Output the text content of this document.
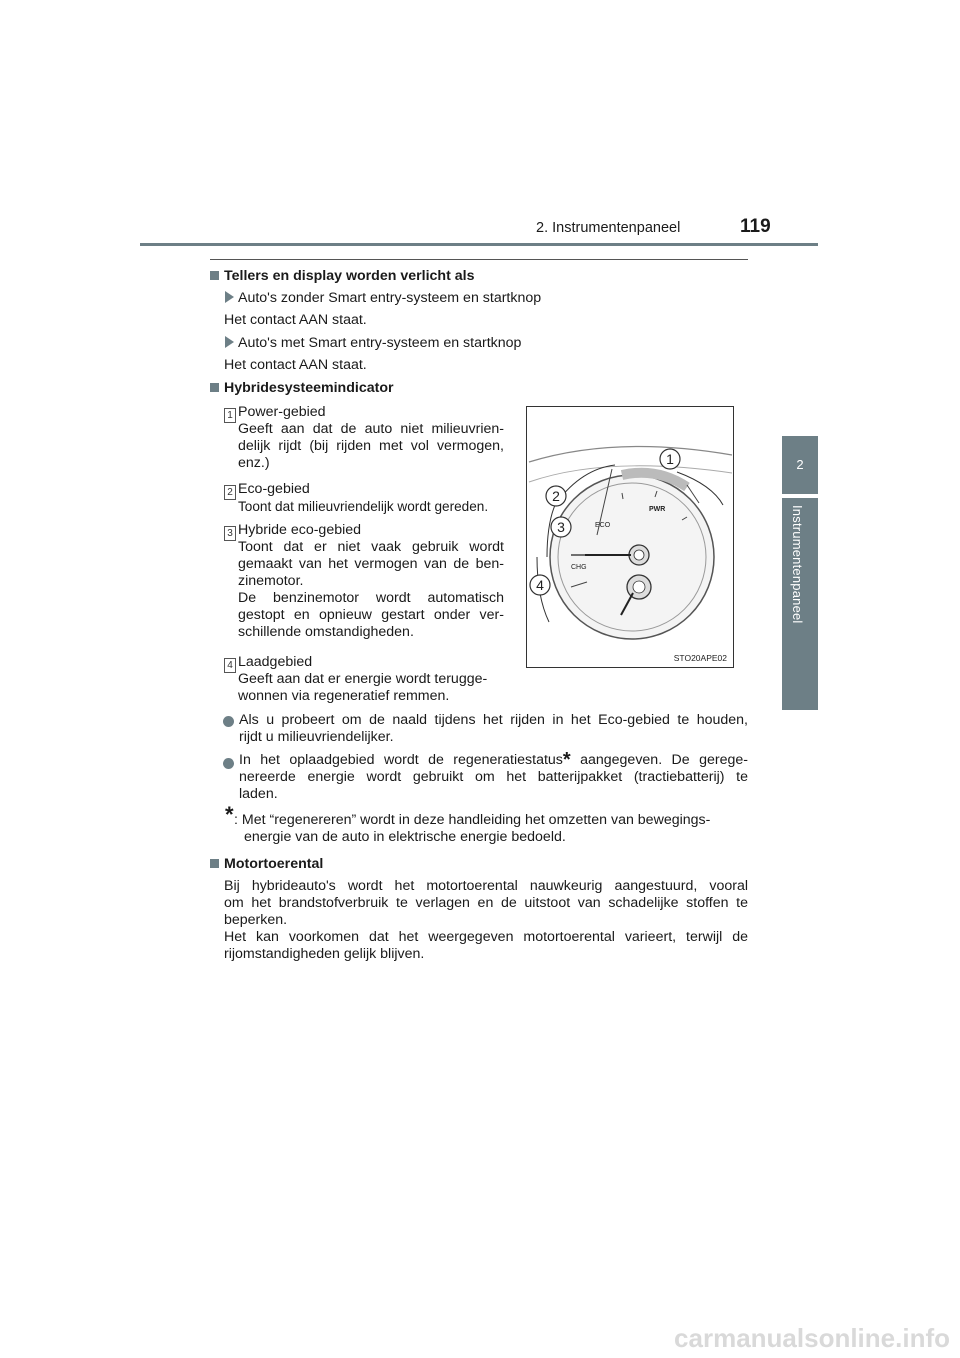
2. Instrumentenpaneel	119
2
Instrumentenpaneel
Tellers en display worden verlicht als
Auto's zonder Smart entry-systeem en startknop
Het contact AAN staat.
Auto's met Smart entry-systeem en startknop
Het contact AAN staat.
Hybridesysteemindicator
1 Power-gebied
Geeft aan dat de auto niet milieuvrien-
delijk rijdt (bij rijden met vol vermogen,
enz.)
2 Eco-gebied
Toont dat milieuvriendelijk wordt gereden.
3 Hybride eco-gebied
Toont dat er niet vaak gebruik wordt
gemaakt van het vermogen van de ben-
zinemotor.
De benzinemotor wordt automatisch
gestopt en opnieuw gestart onder ver-
schillende omstandigheden.
4 Laadgebied
Geeft aan dat er energie wordt terugge-
wonnen via regeneratief remmen.
ECO
PWR
CHG
1
2
3
4
STO20APE02
Als u probeert om de naald tijdens het rijden in het Eco-gebied te houden,
rijdt u milieuvriendelijker.
In het oplaadgebied wordt de regeneratiestatus* aangegeven. De gerege-
nereerde energie wordt gebruikt om het batterijpakket (tractiebatterij) te
laden.
* : Met “regenereren” wordt in deze handleiding het omzetten van bewegings-
energie van de auto in elektrische energie bedoeld.
Motortoerental
Bij hybrideauto's wordt het motortoerental nauwkeurig aangestuurd, vooral
om het brandstofverbruik te verlagen en de uitstoot van schadelijke stoffen te
beperken.
Het kan voorkomen dat het weergegeven motortoerental varieert, terwijl de
rijomstandigheden gelijk blijven.
carmanualsonline.info
